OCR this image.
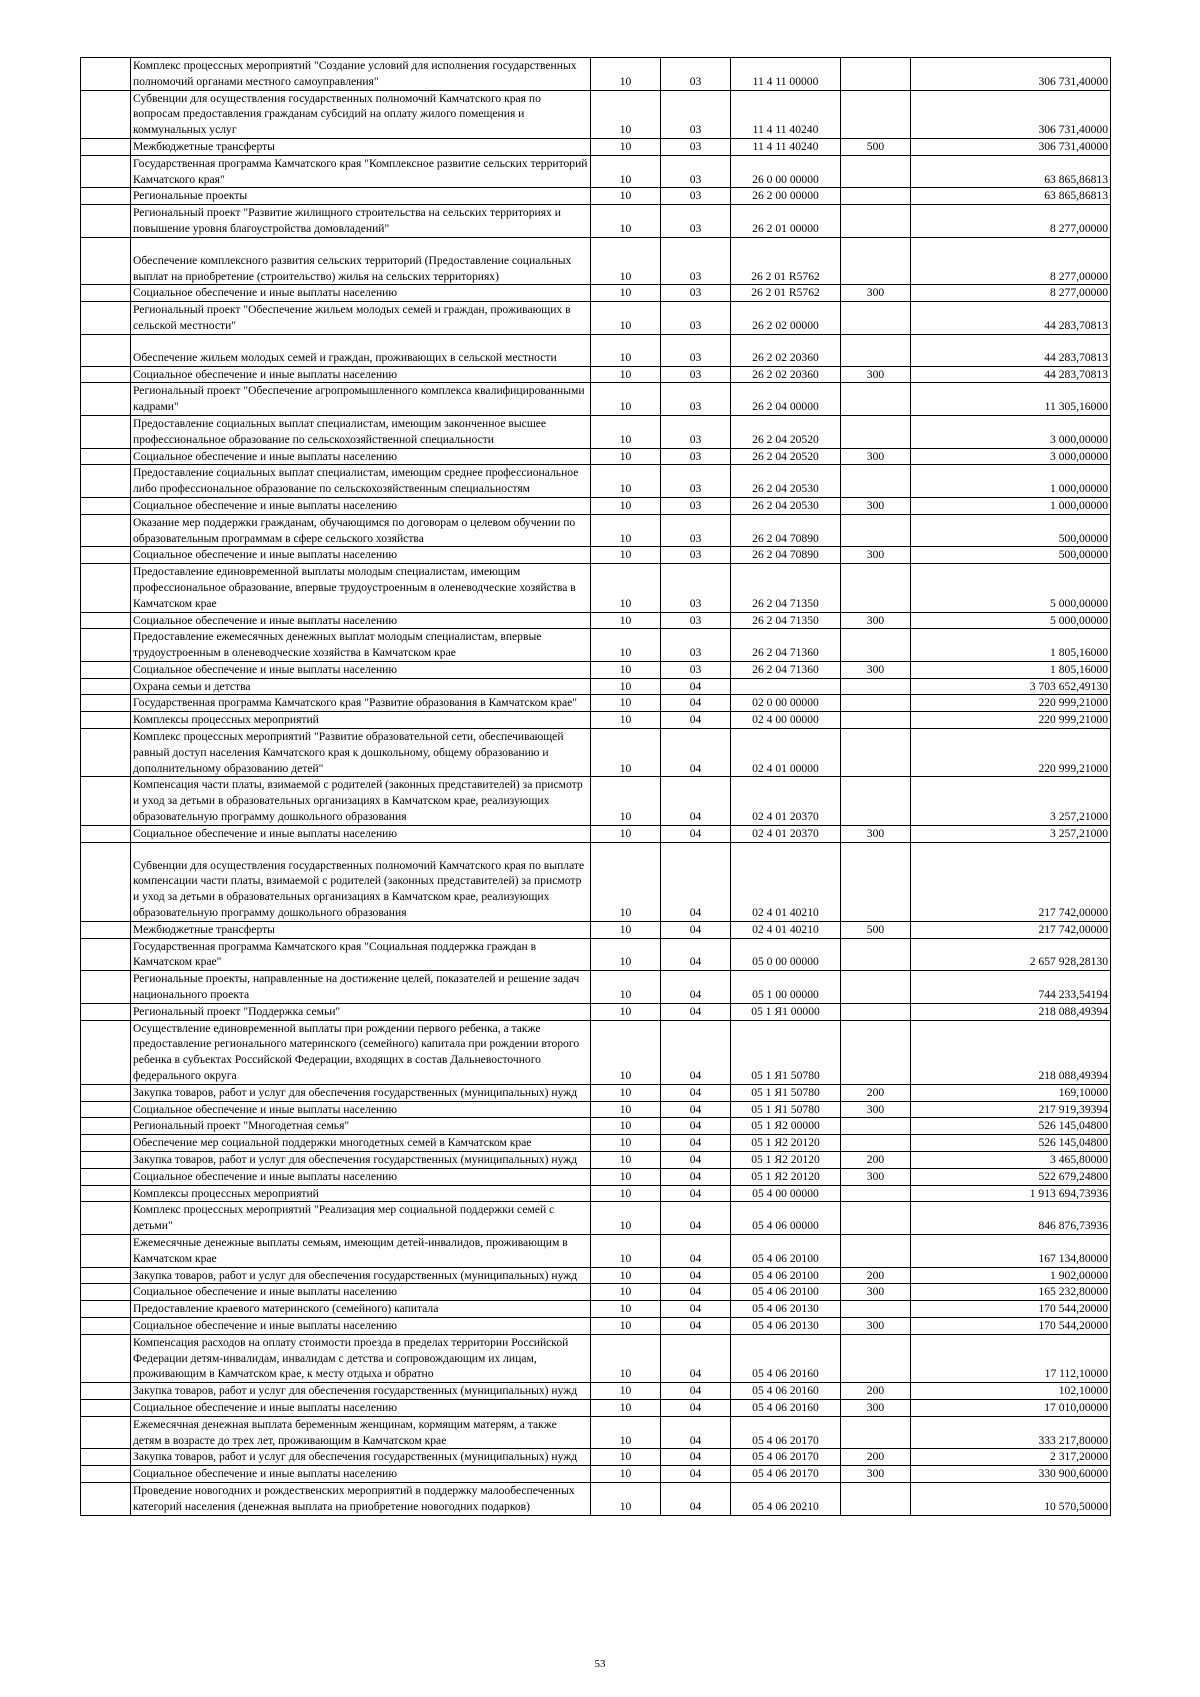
	Комплекс процессных мероприятий "Создание условий для исполнения государственных полномочий органами местного самоуправления"	10	03	11 4 11 00000		306 731,40000
	Субвенции для осуществления государственных полномочий Камчатского края по вопросам предоставления гражданам субсидий на оплату жилого помещения и коммунальных услуг	10	03	11 4 11 40240		306 731,40000
	Межбюджетные трансферты	10	03	11 4 11 40240	500	306 731,40000
	Государственная программа Камчатского края "Комплексное развитие сельских территорий Камчатского края"	10	03	26 0 00 00000		63 865,86813
	Региональные проекты	10	03	26 2 00 00000		63 865,86813
	Региональный проект "Развитие жилищного строительства на сельских территориях и повышение уровня благоустройства домовладений"	10	03	26 2 01 00000		8 277,00000
	Обеспечение комплексного развития сельских территорий (Предоставление социальных выплат на приобретение (строительство) жилья на сельских территориях)	10	03	26 2 01 R5762		8 277,00000
	Социальное обеспечение и иные выплаты населению	10	03	26 2 01 R5762	300	8 277,00000
	Региональный проект "Обеспечение жильем молодых семей и граждан, проживающих в сельской местности"	10	03	26 2 02 00000		44 283,70813
	Обеспечение жильем молодых семей и граждан, проживающих в сельской местности	10	03	26 2 02 20360		44 283,70813
	Социальное обеспечение и иные выплаты населению	10	03	26 2 02 20360	300	44 283,70813
	Региональный проект "Обеспечение агропромышленного комплекса квалифицированными кадрами"	10	03	26 2 04 00000		11 305,16000
	Предоставление социальных выплат специалистам, имеющим законченное высшее профессиональное образование по сельскохозяйственной специальности	10	03	26 2 04 20520		3 000,00000
	Социальное обеспечение и иные выплаты населению	10	03	26 2 04 20520	300	3 000,00000
	Предоставление социальных выплат специалистам, имеющим среднее профессиональное либо профессиональное образование по сельскохозяйственным специальностям	10	03	26 2 04 20530		1 000,00000
	Социальное обеспечение и иные выплаты населению	10	03	26 2 04 20530	300	1 000,00000
	Оказание мер поддержки гражданам, обучающимся по договорам о целевом обучении по образовательным программам в сфере сельского хозяйства	10	03	26 2 04 70890		500,00000
	Социальное обеспечение и иные выплаты населению	10	03	26 2 04 70890	300	500,00000
	Предоставление единовременной выплаты молодым специалистам, имеющим профессиональное образование, впервые трудоустроенным в оленеводческие хозяйства в Камчатском крае	10	03	26 2 04 71350		5 000,00000
	Социальное обеспечение и иные выплаты населению	10	03	26 2 04 71350	300	5 000,00000
	Предоставление ежемесячных денежных выплат молодым специалистам, впервые трудоустроенным в оленеводческие хозяйства в Камчатском крае	10	03	26 2 04 71360		1 805,16000
	Социальное обеспечение и иные выплаты населению	10	03	26 2 04 71360	300	1 805,16000
	Охрана семьи и детства	10	04			3 703 652,49130
	Государственная программа Камчатского края "Развитие образования в Камчатском крае"	10	04	02 0 00 00000		220 999,21000
	Комплексы процессных мероприятий	10	04	02 4 00 00000		220 999,21000
	Комплекс процессных мероприятий "Развитие образовательной сети, обеспечивающей равный доступ населения Камчатского края к дошкольному, общему образованию и дополнительному образованию детей"	10	04	02 4 01 00000		220 999,21000
	Компенсация части платы, взимаемой с родителей (законных представителей) за присмотр и уход за детьми в образовательных организациях в Камчатском крае, реализующих образовательную программу дошкольного образования	10	04	02 4 01 20370		3 257,21000
	Социальное обеспечение и иные выплаты населению	10	04	02 4 01 20370	300	3 257,21000
	Субвенции для осуществления государственных полномочий Камчатского края по выплате компенсации части платы, взимаемой с родителей (законных представителей) за присмотр и уход за детьми в образовательных организациях в Камчатском крае, реализующих образовательную программу дошкольного образования	10	04	02 4 01 40210		217 742,00000
	Межбюджетные трансферты	10	04	02 4 01 40210	500	217 742,00000
	Государственная программа Камчатского края "Социальная поддержка граждан в Камчатском крае"	10	04	05 0 00 00000		2 657 928,28130
	Региональные проекты, направленные на достижение целей, показателей и решение задач национального проекта	10	04	05 1 00 00000		744 233,54194
	Региональный проект "Поддержка семьи"	10	04	05 1 Я1 00000		218 088,49394
	Осуществление единовременной выплаты при рождении первого ребенка, а также предоставление регионального материнского (семейного) капитала при рождении второго ребенка в субъектах Российской Федерации, входящих в состав Дальневосточного федерального округа	10	04	05 1 Я1 50780		218 088,49394
	Закупка товаров, работ и услуг для обеспечения государственных (муниципальных) нужд	10	04	05 1 Я1 50780	200	169,10000
	Социальное обеспечение и иные выплаты населению	10	04	05 1 Я1 50780	300	217 919,39394
	Региональный проект "Многодетная семья"	10	04	05 1 Я2 00000		526 145,04800
	Обеспечение мер социальной поддержки многодетных семей в Камчатском крае	10	04	05 1 Я2 20120		526 145,04800
	Закупка товаров, работ и услуг для обеспечения государственных (муниципальных) нужд	10	04	05 1 Я2 20120	200	3 465,80000
	Социальное обеспечение и иные выплаты населению	10	04	05 1 Я2 20120	300	522 679,24800
	Комплексы процессных мероприятий	10	04	05 4 00 00000		1 913 694,73936
	Комплекс процессных мероприятий "Реализация мер социальной поддержки семей с детьми"	10	04	05 4 06 00000		846 876,73936
	Ежемесячные денежные выплаты семьям, имеющим детей-инвалидов, проживающим в Камчатском крае	10	04	05 4 06 20100		167 134,80000
	Закупка товаров, работ и услуг для обеспечения государственных (муниципальных) нужд	10	04	05 4 06 20100	200	1 902,00000
	Социальное обеспечение и иные выплаты населению	10	04	05 4 06 20100	300	165 232,80000
	Предоставление краевого материнского (семейного) капитала	10	04	05 4 06 20130		170 544,20000
	Социальное обеспечение и иные выплаты населению	10	04	05 4 06 20130	300	170 544,20000
	Компенсация расходов на оплату стоимости проезда в пределах территории Российской Федерации детям-инвалидам, инвалидам с детства и сопровождающим их лицам, проживающим в Камчатском крае, к месту отдыха и обратно	10	04	05 4 06 20160		17 112,10000
	Закупка товаров, работ и услуг для обеспечения государственных (муниципальных) нужд	10	04	05 4 06 20160	200	102,10000
	Социальное обеспечение и иные выплаты населению	10	04	05 4 06 20160	300	17 010,00000
	Ежемесячная денежная выплата беременным женщинам, кормящим матерям, а также детям в возрасте до трех лет, проживающим в Камчатском крае	10	04	05 4 06 20170		333 217,80000
	Закупка товаров, работ и услуг для обеспечения государственных (муниципальных) нужд	10	04	05 4 06 20170	200	2 317,20000
	Социальное обеспечение и иные выплаты населению	10	04	05 4 06 20170	300	330 900,60000
	Проведение новогодних и рождественских мероприятий в поддержку малообеспеченных категорий населения (денежная выплата на приобретение новогодних подарков)	10	04	05 4 06 20210		10 570,50000
53
